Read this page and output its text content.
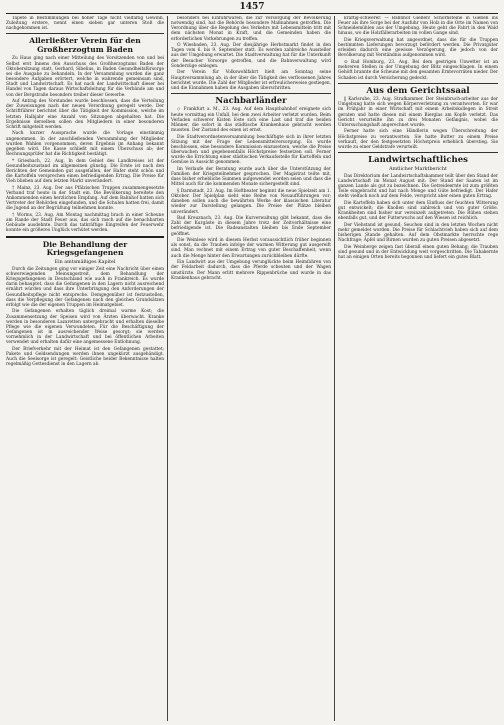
1457

Tapete in Bestimmungen bei hoher Tage nicht vielfältig Gewinn, Zuleitung erstere, nennt einen sieben gar unteren Stoß die nachgekommen ist.

Allerließter Verein für den Großherzogtum Baden

Zu Haus ging nach einer Mitteilung des Vorsitzenden von und bei Selbst erst Innens den Ausschuss des Großherzogtums Baden der Oktobersitzung statt, Gerhard, Sibelius, in Baden Gesundheitsfürsorge sei die Ausgabe zu behandeln. In der Versammlung wurden die ganz besondere Aufgaben erörtert, welche in wahrende gemeinsam sind, Stadt und Landwirtschaft. Es hat nach der Landwirtschaft dieser bei Handel von Tagen daraus Wirtschaftsleitung für die Verbände am und von der Bergstraße besonders treiber dieser Gewerbe.

Auf Antrag des Vorstandes wurde beschlossen, dass die Verteilung der Zuweisungen nach der neuen Verordnung geregelt werde. Der Schriftführer berichtet über die Tätigkeit der Kommission, welche im letzten Halbjahr eine Anzahl von Sitzungen abgehalten hat. Die Ergebnisse derselben sollen den Mitgliedern in einer besonderen Schrift mitgeteilt werden.

Nach kurzer Aussprache wurde die Vorlage einstimmig angenommen. In der anschließenden Versammlung der Mitglieder wurden Wahlen vorgenommen, deren Ergebnis im Anhang bekannt gegeben wird. Die Kasse schließt mit einem Überschuss ab; der Rechnungsprüfer hat die Richtigkeit bestätigt.

* Griesbach, 22. Aug. In dem Gebiet des Landkreises ist der Gesundheitszustand im allgemeinen günstig. Die Ernte ist nach den Berichten der Gemeinden gut ausgefallen, der Hafer steht schön und die Kartoffeln versprechen einen befriedigenden Ertrag. Die Preise für Vieh blieben auf dem letzten Markt unverändert.

† Mainz, 23. Aug. Der aus Pfälzischen Truppen zusammengesetzte Verband traf heute in der Stadt ein. Die Bevölkerung bereitete den Ankommenden einen herzlichen Empfang. Auf dem Bahnhof hatten sich Vertreter der Behörden eingefunden, und die Schulen hatten frei, damit die Jugend an der Begrüßung teilnehmen konnte.

† Worms, 23. Aug. Am Montag nachmittag brach in einer Scheune am Rande der Stadt Feuer aus, das sich rasch auf die benachbarten Gebäude ausdehnte. Durch das tatkräftige Eingreifen der Feuerwehr konnte ein größeres Unglück verhütet werden.

Die Behandlung der Kriegsgefangenen
Ein amtsmäßiges Kapitel

Durch die Zeitungen ging vor einiger Zeit eine Nachricht über einen schwerwiegenden Meinungsstreit, dem Behandlung der Kriegsgefangenen in Deutschland wie auch in Frankreich. Es wurde darin behauptet, dass die Gefangenen in den Lagern nicht ausreichend ernährt würden und dass ihre Unterbringung den Anforderungen der Gesundheitspflege nicht entspreche. Demgegenüber ist festzustellen, dass die Verpflegung der Gefangenen nach den gleichen Grundsätzen erfolgt wie die der eigenen Truppen im Heimatgebiet.

Die Gefangenen erhalten täglich dreimal warme Kost; die Zusammensetzung der Speisen wird von Ärzten überwacht. Kranke werden in besonderen Lazaretten untergebracht und erhalten dieselbe Pflege wie die eigenen Verwundeten. Für die Beschäftigung der Gefangenen ist in ausreichender Weise gesorgt; sie werden vornehmlich in der Landwirtschaft und bei öffentlichen Arbeiten verwendet und erhalten dafür eine angemessene Entlohnung.

Der Briefverkehr mit der Heimat ist den Gefangenen gestattet; Pakete und Geldsendungen werden ihnen ungekürzt ausgehändigt. Auch die Seelsorge ist geregelt: Geistliche beider Bekenntnisse halten regelmäßig Gottesdienst in den Lagern ab.

besonders bei Einfuhrwaren, die zur Versorgung der Bevölkerung notwendig sind, hat die Behörde besondere Maßnahmen getroffen. Die Verordnung über die Regelung des Verkehrs mit Lebensmitteln tritt mit dem nächsten Monat in Kraft, und die Gemeinden haben die erforderlichen Vorkehrungen zu treffen.

O Wiesbaden, 23. Aug. Der diesjährige Herbstmarkt findet in den Tagen vom 6. bis 9. September statt. Es werden zahlreiche Aussteller aus der Umgebung erwartet. Die Stadtverwaltung hat für die Unterkunft der Besucher Vorsorge getroffen, und die Bahnverwaltung wird Sonderzüge einlegen.

Der Verein für Volkswohlfahrt hielt am Sonntag seine Hauptversammlung ab, in der über die Tätigkeit des verflossenen Jahres berichtet wurde. Die Zahl der Mitglieder ist erfreulicherweise gestiegen, und die Einnahmen haben die Ausgaben überschritten.

Nachbarländer

◇ Frankfurt a. M., 23. Aug. Auf dem Hauptbahnhof ereignete sich heute vormittag ein Unfall, bei dem zwei Arbeiter verletzt wurden. Beim Verladen schwerer Kisten löste sich eine Last und traf die beiden Männer, die sofort in das städtische Krankenhaus gebracht werden mussten. Der Zustand des einen ist ernst.

Die Stadtverordnetenversammlung beschäftigte sich in ihrer letzten Sitzung mit der Frage der Lebensmittelversorgung. Es wurde beschlossen, eine besondere Kommission einzusetzen, welche die Preise überwachen und gegebenenfalls Höchstpreise festsetzen soll. Ferner wurde die Errichtung einer städtischen Verkaufsstelle für Kartoffeln und Gemüse in Aussicht genommen.

Im Verlaufe der Beratung wurde auch über die Unterstützung der Familien der Kriegsteilnehmer gesprochen. Der Magistrat teilte mit, dass bisher erhebliche Summen aufgewendet worden seien und dass die Mittel auch für die kommenden Monate sichergestellt sind.

§ Darmstadt, 23. Aug. Im Hoftheater beginnt die neue Spielzeit am 1. Oktober. Der Spielplan sieht eine Reihe von Neuaufführungen vor; daneben sollen auch die bewährten Werke der klassischen Literatur wieder zur Darstellung gelangen. Die Preise der Plätze bleiben unverändert.

Bad Kreuznach, 23. Aug. Die Kurverwaltung gibt bekannt, dass die Zahl der Kurgäste in diesem Jahre trotz der Zeitverhältnisse eine befriedigende ist. Die Badeanstalten bleiben bis Ende September geöffnet.

Die Weinlese wird in diesem Herbst voraussichtlich früher beginnen als sonst, da die Trauben infolge der warmen Witterung gut ausgereift sind. Man rechnet mit einem Ertrag von guter Beschaffenheit, wenn auch die Menge hinter den Erwartungen zurückbleiben dürfte.

Ein Landwirt aus der Umgebung verunglückte beim Heimfahren von der Feldarbeit dadurch, dass die Pferde scheuten und der Wagen umstürzte. Der Mann erlitt mehrere Rippenbrüche und wurde in das Krankenhaus gebracht.

kräftig-schwerer. — Bahnhof Gießen! Schornsteine in Gießen ins Feuer als ihre Sorge bei der Ausfuhr von Holz in die Orte im Namen von Schneidemühlen aus der Umgebung. Heute geht die Fahrt in den Wald hinaus, wo die Holzfällerarbeiten im vollen Gange sind.

Die Kriegsverwaltung hat angeordnet, dass die für die Truppen bestimmten Lieferungen bevorzugt befördert werden. Die Privatgüter erleiden dadurch eine gewisse Verzögerung, die jedoch von der Bevölkerung mit Verständnis aufgenommen wird.

⊙ Bad Homburg, 23. Aug. Bei dem gestrigen Unwetter ist an mehreren Stellen in der Umgebung der Blitz eingeschlagen. In einem Gehöft brannte die Scheune mit den gesamten Erntevorräten nieder. Der Schaden ist durch Versicherung gedeckt.

Aus dem Gerichtssaal

‖ Karlsruhe, 23. Aug. Strafkammer. Der Steinbruch-arbeiter aus der Umgebung hatte sich wegen Körperverletzung zu verantworten. Er war im Frühjahr in einer Wirtschaft mit einem Arbeitskollegen in Streit geraten und hatte diesen mit einem Bierglas am Kopfe verletzt. Das Gericht verurteilte ihn zu drei Monaten Gefängnis, wobei die Untersuchungshaft angerechnet wurde.

Ferner hatte sich eine Händlerin wegen Überschreitung der Höchstpreise zu verantworten. Sie hatte Butter zu einem Preise verkauft, der den festgesetzten Höchstpreis erheblich überstieg. Sie wurde zu einer Geldstrafe verurteilt.

Landwirtschaftliches
Amtlicher Marktbericht

Das Direktorium der Landwirtschaftskammer teilt über den Stand der Landwirtschaft im Monat August mit: Der Stand der Saaten ist im ganzen Lande als gut zu bezeichnen. Die Getreideernte ist zum größten Teile eingebracht und hat nach Menge und Güte befriedigt. Der Hafer steht vielfach noch auf dem Felde, verspricht aber einen guten Ertrag.

Die Kartoffeln haben sich unter dem Einfluss der feuchten Witterung gut entwickelt; die Knollen sind zahlreich und von guter Größe. Krankheiten sind bisher nur vereinzelt aufgetreten. Die Rüben stehen ebenfalls gut, und der Futterwuchs auf den Wiesen ist reichlich.

Der Viehstand ist gesund; Seuchen sind in den letzten Wochen nicht mehr gemeldet worden. Die Preise für Schlachtvieh haben sich auf dem bisherigen Stande gehalten. Auf dem Obstmarkte herrschte rege Nachfrage; Äpfel und Birnen wurden zu guten Preisen abgesetzt.

Die Weinberge zeigen fast überall einen guten Behang; die Trauben sind gesund und in der Entwicklung weit vorgeschritten. Die Tabakernte hat an einigen Orten bereits begonnen und liefert ein gutes Blatt.
